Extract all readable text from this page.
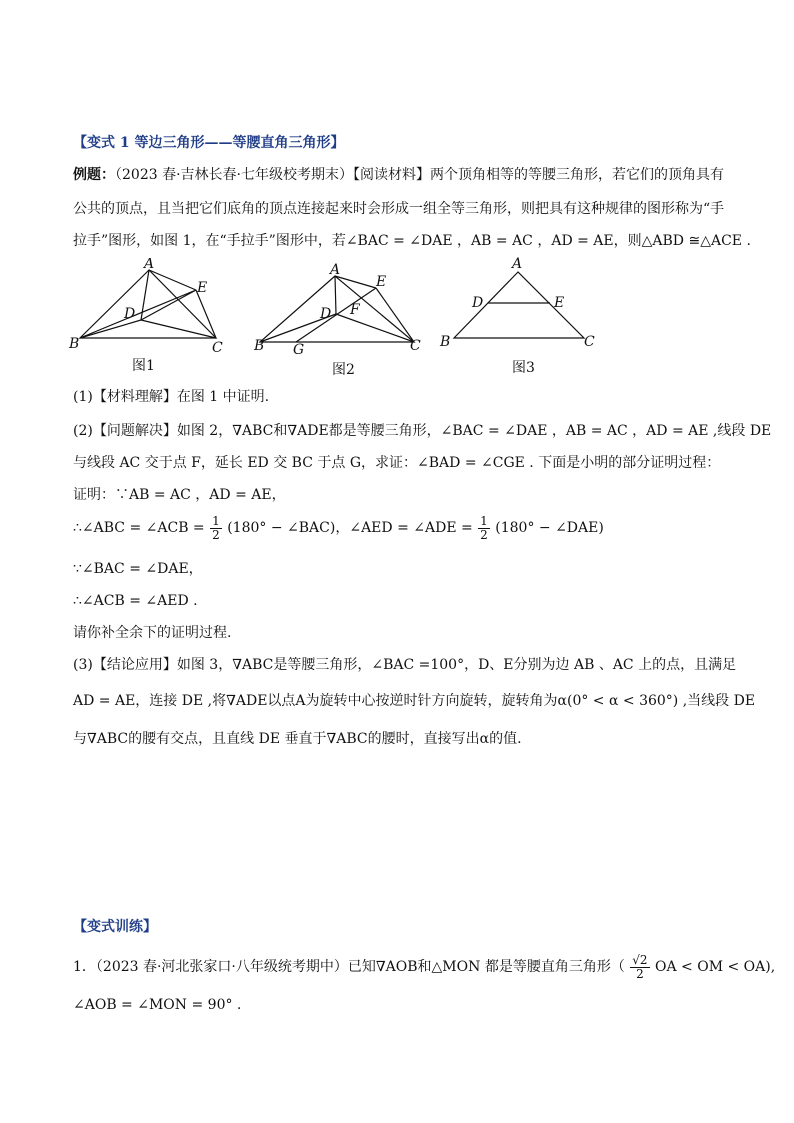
【变式 1 等边三角形——等腰直角三角形】
例题：（2023 春·吉林长春·七年级校考期末）【阅读材料】两个顶角相等的等腰三角形，若它们的顶角具有
公共的顶点，且当把它们底角的顶点连接起来时会形成一组全等三角形，则把具有这种规律的图形称为“手
拉手”图形，如图 1，在“手拉手”图形中，若∠BAC = ∠DAE ，AB = AC ，AD = AE，则△ABD ≅△ACE .
A
B	C
D
E
图1
A
B	C
D
E
F
G
图2
A
B	C
D	E
图3
(1)【材料理解】在图 1 中证明.
(2)【问题解决】如图 2，∇ABC和∇ADE都是等腰三角形，∠BAC = ∠DAE ，AB = AC ，AD = AE ,线段 DE
与线段 AC 交于点 F，延长 ED 交 BC 于点 G，求证：∠BAD = ∠CGE . 下面是小明的部分证明过程：
证明：∵AB = AC ，AD = AE，
∴∠ABC = ∠ACB = $\frac{1}{2} (180^\circ$ − ∠BAC)，∠AED = ∠ADE = $\frac{1}{2} (180^\circ$ − ∠DAE)
∵∠BAC = ∠DAE，
∴∠ACB = ∠AED .
请你补全余下的证明过程.
(3)【结论应用】如图 3，∇ABC是等腰三角形，∠BAC =100°，D、E分别为边 AB 、AC 上的点，且满足
AD = AE，连接 DE ,将∇ADE以点A为旋转中心按逆时针方向旋转，旋转角为α(0° < α < 360°) ,当线段 DE
与∇ABC的腰有交点，且直线 DE 垂直于∇ABC的腰时，直接写出α的值.
【变式训练】
1．（2023 春·河北张家口·八年级统考期中）已知∇AOB和△MON 都是等腰直角三角形（ $\frac{√2}{2}$ OA < OM < OA),
∠AOB = ∠MON = 90° .
